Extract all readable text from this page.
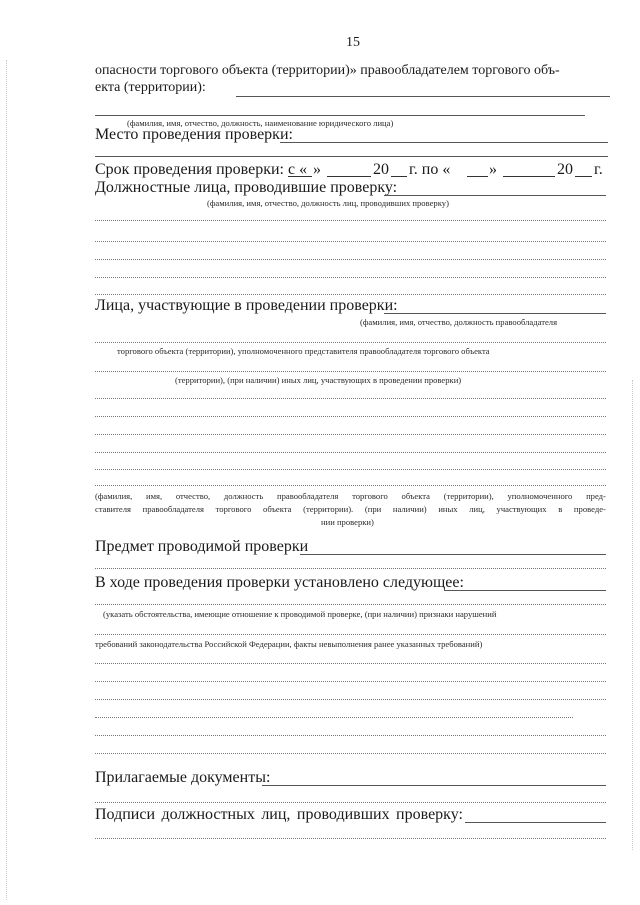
15
опасности торгового объекта (территории)» правообладателем торгового объ-
екта (территории):
(фамилия, имя, отчество, должность, наименование юридического лица)
Место проведения проверки:
Срок проведения проверки: с « »	20 г. по « »	20 г.
Должностные лица, проводившие проверку:
(фамилия, имя, отчество, должность лиц, проводивших проверку)
Лица, участвующие в проведении проверки:
(фамилия, имя, отчество, должность правообладателя
торгового объекта (территории), уполномоченного представителя правообладателя торгового объекта
(территории), (при наличии) иных лиц, участвующих в проведении проверки)
(фамилия, имя, отчество, должность правообладателя торгового объекта (территории), уполномоченного пред-
ставителя правообладателя торгового объекта (территории). (при наличии) иных лиц, участвующих в проведе-
нии проверки)
Предмет проводимой проверки
В ходе проведения проверки установлено следующее:
(указать обстоятельства, имеющие отношение к проводимой проверке, (при наличии) признаки нарушений
требований законодательства Российской Федерации, факты невыполнения ранее указанных требований)
Прилагаемые документы:
Подписи должностных лиц, проводивших проверку:
